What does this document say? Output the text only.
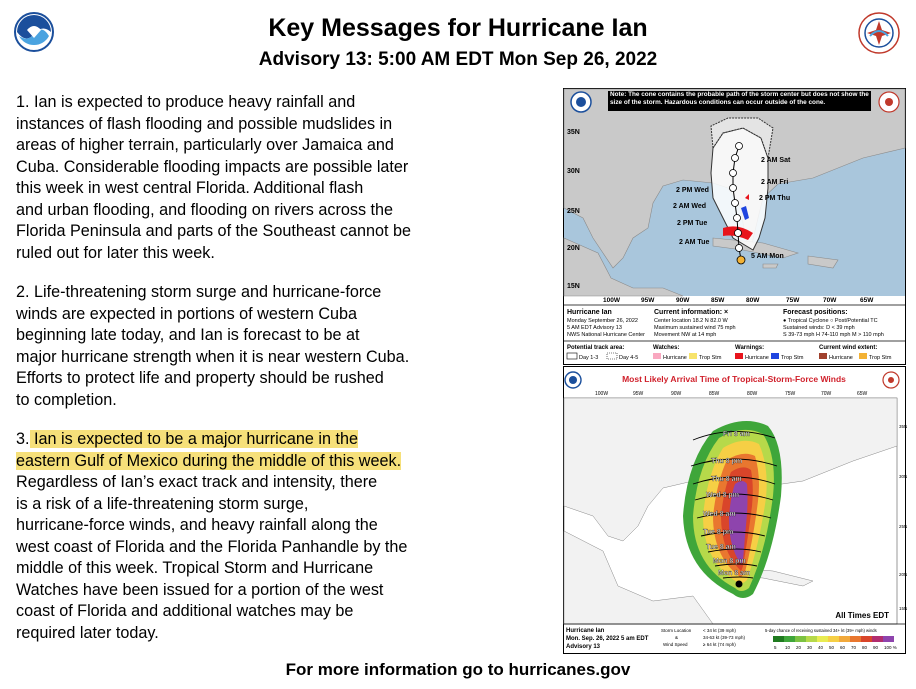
Key Messages for Hurricane Ian
Advisory 13: 5:00 AM EDT Mon Sep 26, 2022

1. Ian is expected to produce heavy rainfall and

instances of flash flooding and possible mudslides in

areas of higher terrain, particularly over Jamaica and

Cuba. Considerable flooding impacts are possible later

this week in west central Florida. Additional flash

and urban flooding, and flooding on rivers across the

Florida Peninsula and parts of the Southeast cannot be

ruled out for later this week.

2. Life-threatening storm surge and hurricane-force

winds are expected in portions of western Cuba

beginning late today, and Ian is forecast to be at

major hurricane strength when it is near western Cuba.

Efforts to protect life and property should be rushed

to completion.

3. Ian is expected to be a major hurricane in the

eastern Gulf of Mexico during the middle of this week.

Regardless of Ian’s exact track and intensity, there

is a risk of a life-threatening storm surge,

hurricane-force winds, and heavy rainfall along the

west coast of Florida and the Florida Panhandle by the

middle of this week. Tropical Storm and Hurricane

Watches have been issued for a portion of the west

coast of Florida and additional watches may be

required later today.

Note: The cone contains the probable path of the storm center but does not show the size of the storm. Hazardous conditions can occur outside of the cone.
35N
30N
25N
20N
15N
2 AM Sat
2 AM Fri
2 PM Thu
2 PM Wed
2 AM Wed
2 PM Tue
2 AM Tue
5 AM Mon
100W	95W	90W	85W	80W	75W	70W	65W
Hurricane Ian
Monday September 26, 2022
5 AM EDT Advisory 13
NWS National Hurricane Center
Current information: ×
Center location 18.2 N 82.0 W
Maximum sustained wind 75 mph
Movement NW at 14 mph
Forecast positions:
● Tropical Cyclone ○ Post/Potential TC
Sustained winds: D < 39 mph
S 39-73 mph H 74-110 mph M > 110 mph
Potential track area:
Day 1-3	Day 4-5
Watches:
Hurricane Trop Stm
Warnings:
Hurricane Trop Stm
Current wind extent:
Hurricane	Trop Stm
Most Likely Arrival Time of Tropical-Storm-Force Winds
100W	95W	90W	85W	80W	75W	70W	65W
Fri 8 am
Thu 8 pm
Thu 8 am
Wed 8 pm
Wed 8 am
Tue 8 pm
Tue 8 am
Mon 8 pm
Mon 8 am
35N
30N
25N
20N
15N
All Times EDT
Hurricane Ian
Mon. Sep. 26, 2022 5 am EDT
Advisory 13
Storm Location
&
Wind Speed
< 34 kt (39 mph)
34-63 kt (39-73 mph)
≥ 64 kt (74 mph)
5-day chance of receiving sustained 34+ kt (39+ mph) winds
5 10 20 30 40 50 60 70 80 90 100 %
For more information go to hurricanes.gov
